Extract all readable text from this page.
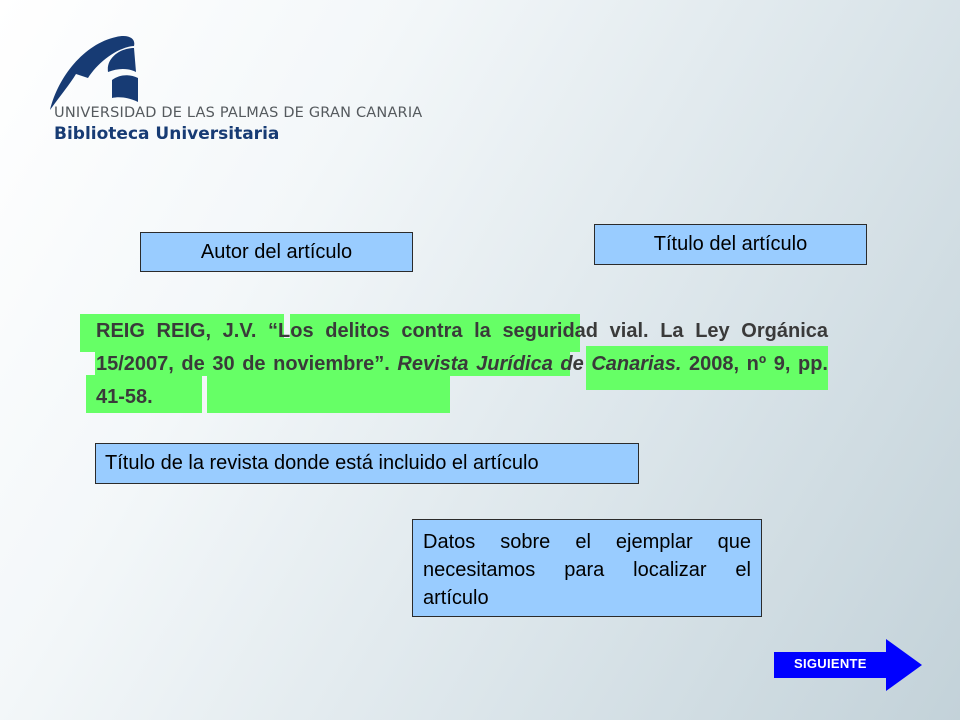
UNIVERSIDAD DE LAS PALMAS DE GRAN CANARIA
Biblioteca Universitaria
Autor del artículo	Título del artículo

REIG REIG, J.V. “Los delitos contra la seguridad vial. La Ley Orgánica 15/2007, de 30 de noviembre”. Revista Jurídica de Canarias. 2008, nº 9, pp. 41-58.

Título de la revista donde está incluido el artículo
Datos sobre el ejemplar que necesitamos para localizar el artículo
SIGUIENTE
